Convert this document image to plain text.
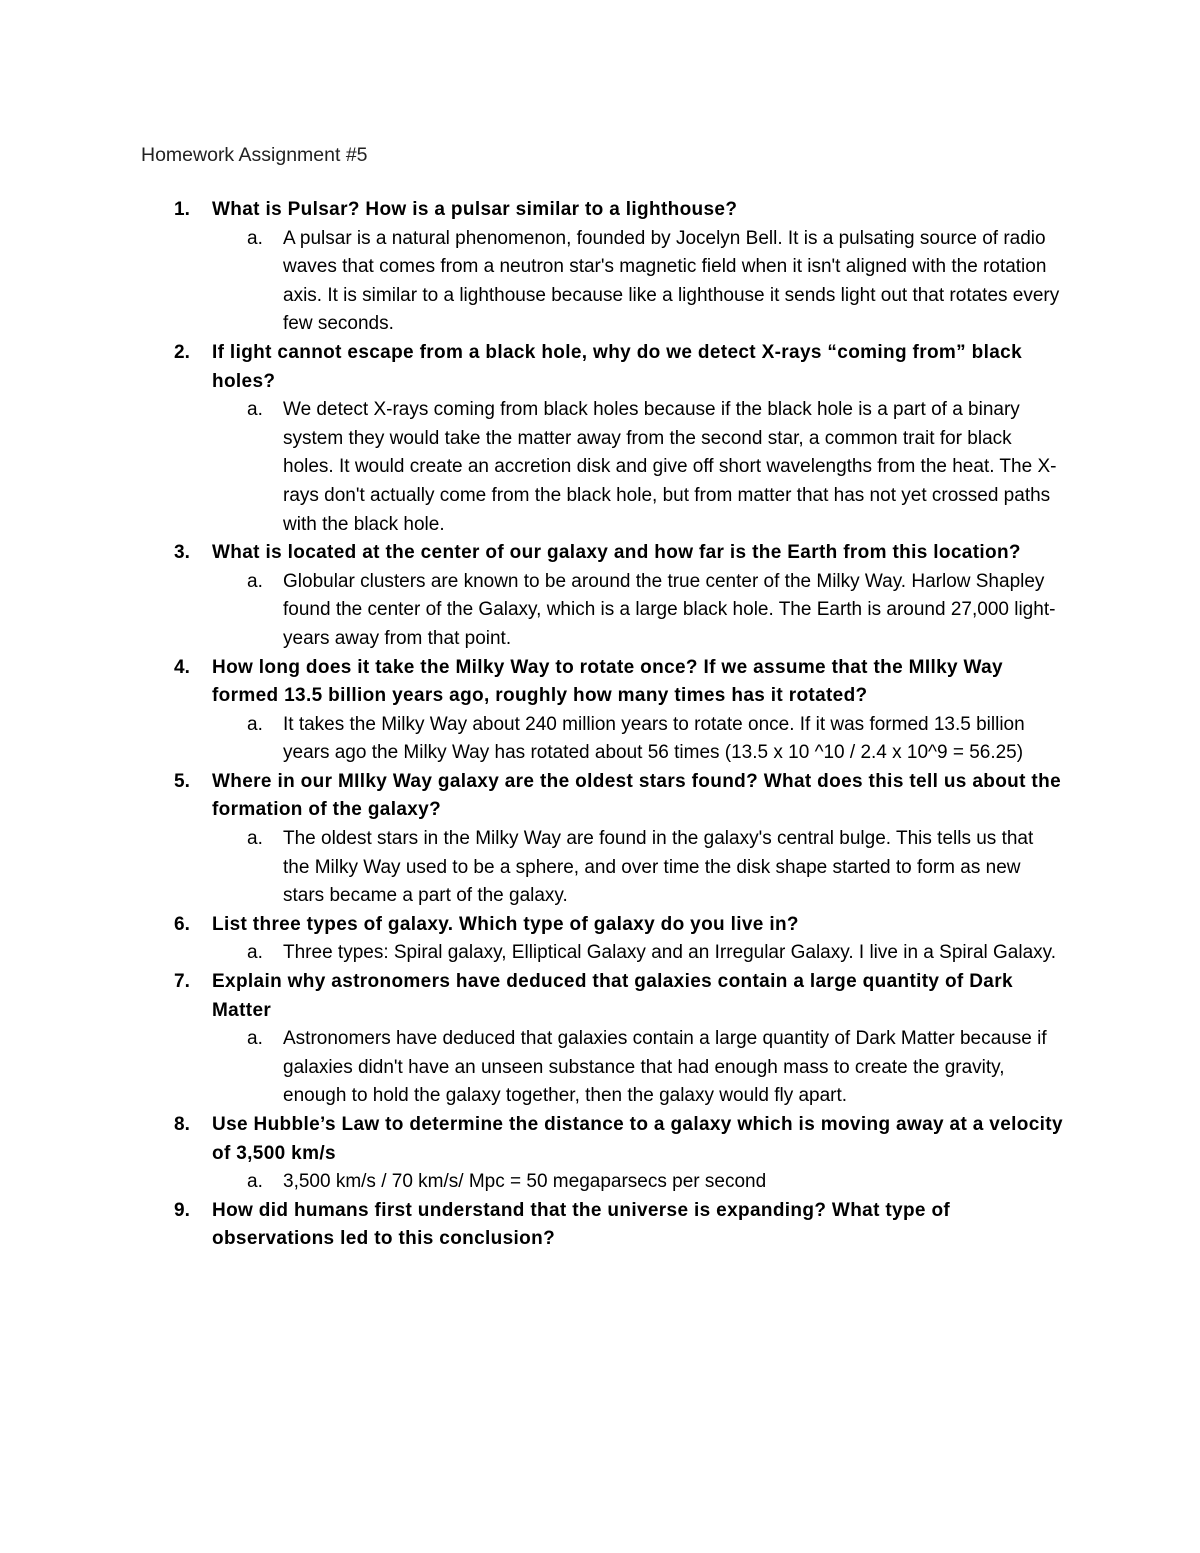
Homework Assignment #5
1. What is Pulsar? How is a pulsar similar to a lighthouse?
a. A pulsar is a natural phenomenon, founded by Jocelyn Bell. It is a pulsating source of radio waves that comes from a neutron star's magnetic field when it isn't aligned with the rotation axis. It is similar to a lighthouse because like a lighthouse it sends light out that rotates every few seconds.
2. If light cannot escape from a black hole, why do we detect X-rays “coming from” black holes?
a. We detect X-rays coming from black holes because if the black hole is a part of a binary system they would take the matter away from the second star, a common trait for black holes. It would create an accretion disk and give off short wavelengths from the heat. The X-rays don't actually come from the black hole, but from matter that has not yet crossed paths with the black hole.
3. What is located at the center of our galaxy and how far is the Earth from this location?
a. Globular clusters are known to be around the true center of the Milky Way. Harlow Shapley found the center of the Galaxy, which is a large black hole. The Earth is around 27,000 light-years away from that point.
4. How long does it take the Milky Way to rotate once? If we assume that the MIlky Way formed 13.5 billion years ago, roughly how many times has it rotated?
a. It takes the Milky Way about 240 million years to rotate once. If it was formed 13.5 billion years ago the Milky Way has rotated about 56 times (13.5 x 10 ^10 / 2.4 x 10^9 = 56.25)
5. Where in our MIlky Way galaxy are the oldest stars found? What does this tell us about the formation of the galaxy?
a. The oldest stars in the Milky Way are found in the galaxy's central bulge. This tells us that the Milky Way used to be a sphere, and over time the disk shape started to form as new stars became a part of the galaxy.
6. List three types of galaxy. Which type of galaxy do you live in?
a. Three types: Spiral galaxy, Elliptical Galaxy and an Irregular Galaxy. I live in a Spiral Galaxy.
7. Explain why astronomers have deduced that galaxies contain a large quantity of Dark Matter
a. Astronomers have deduced that galaxies contain a large quantity of Dark Matter because if galaxies didn't have an unseen substance that had enough mass to create the gravity, enough to hold the galaxy together, then the galaxy would fly apart.
8. Use Hubble’s Law to determine the distance to a galaxy which is moving away at a velocity of 3,500 km/s
a. 3,500 km/s / 70 km/s/ Mpc = 50 megaparsecs per second
9. How did humans first understand that the universe is expanding? What type of observations led to this conclusion?
